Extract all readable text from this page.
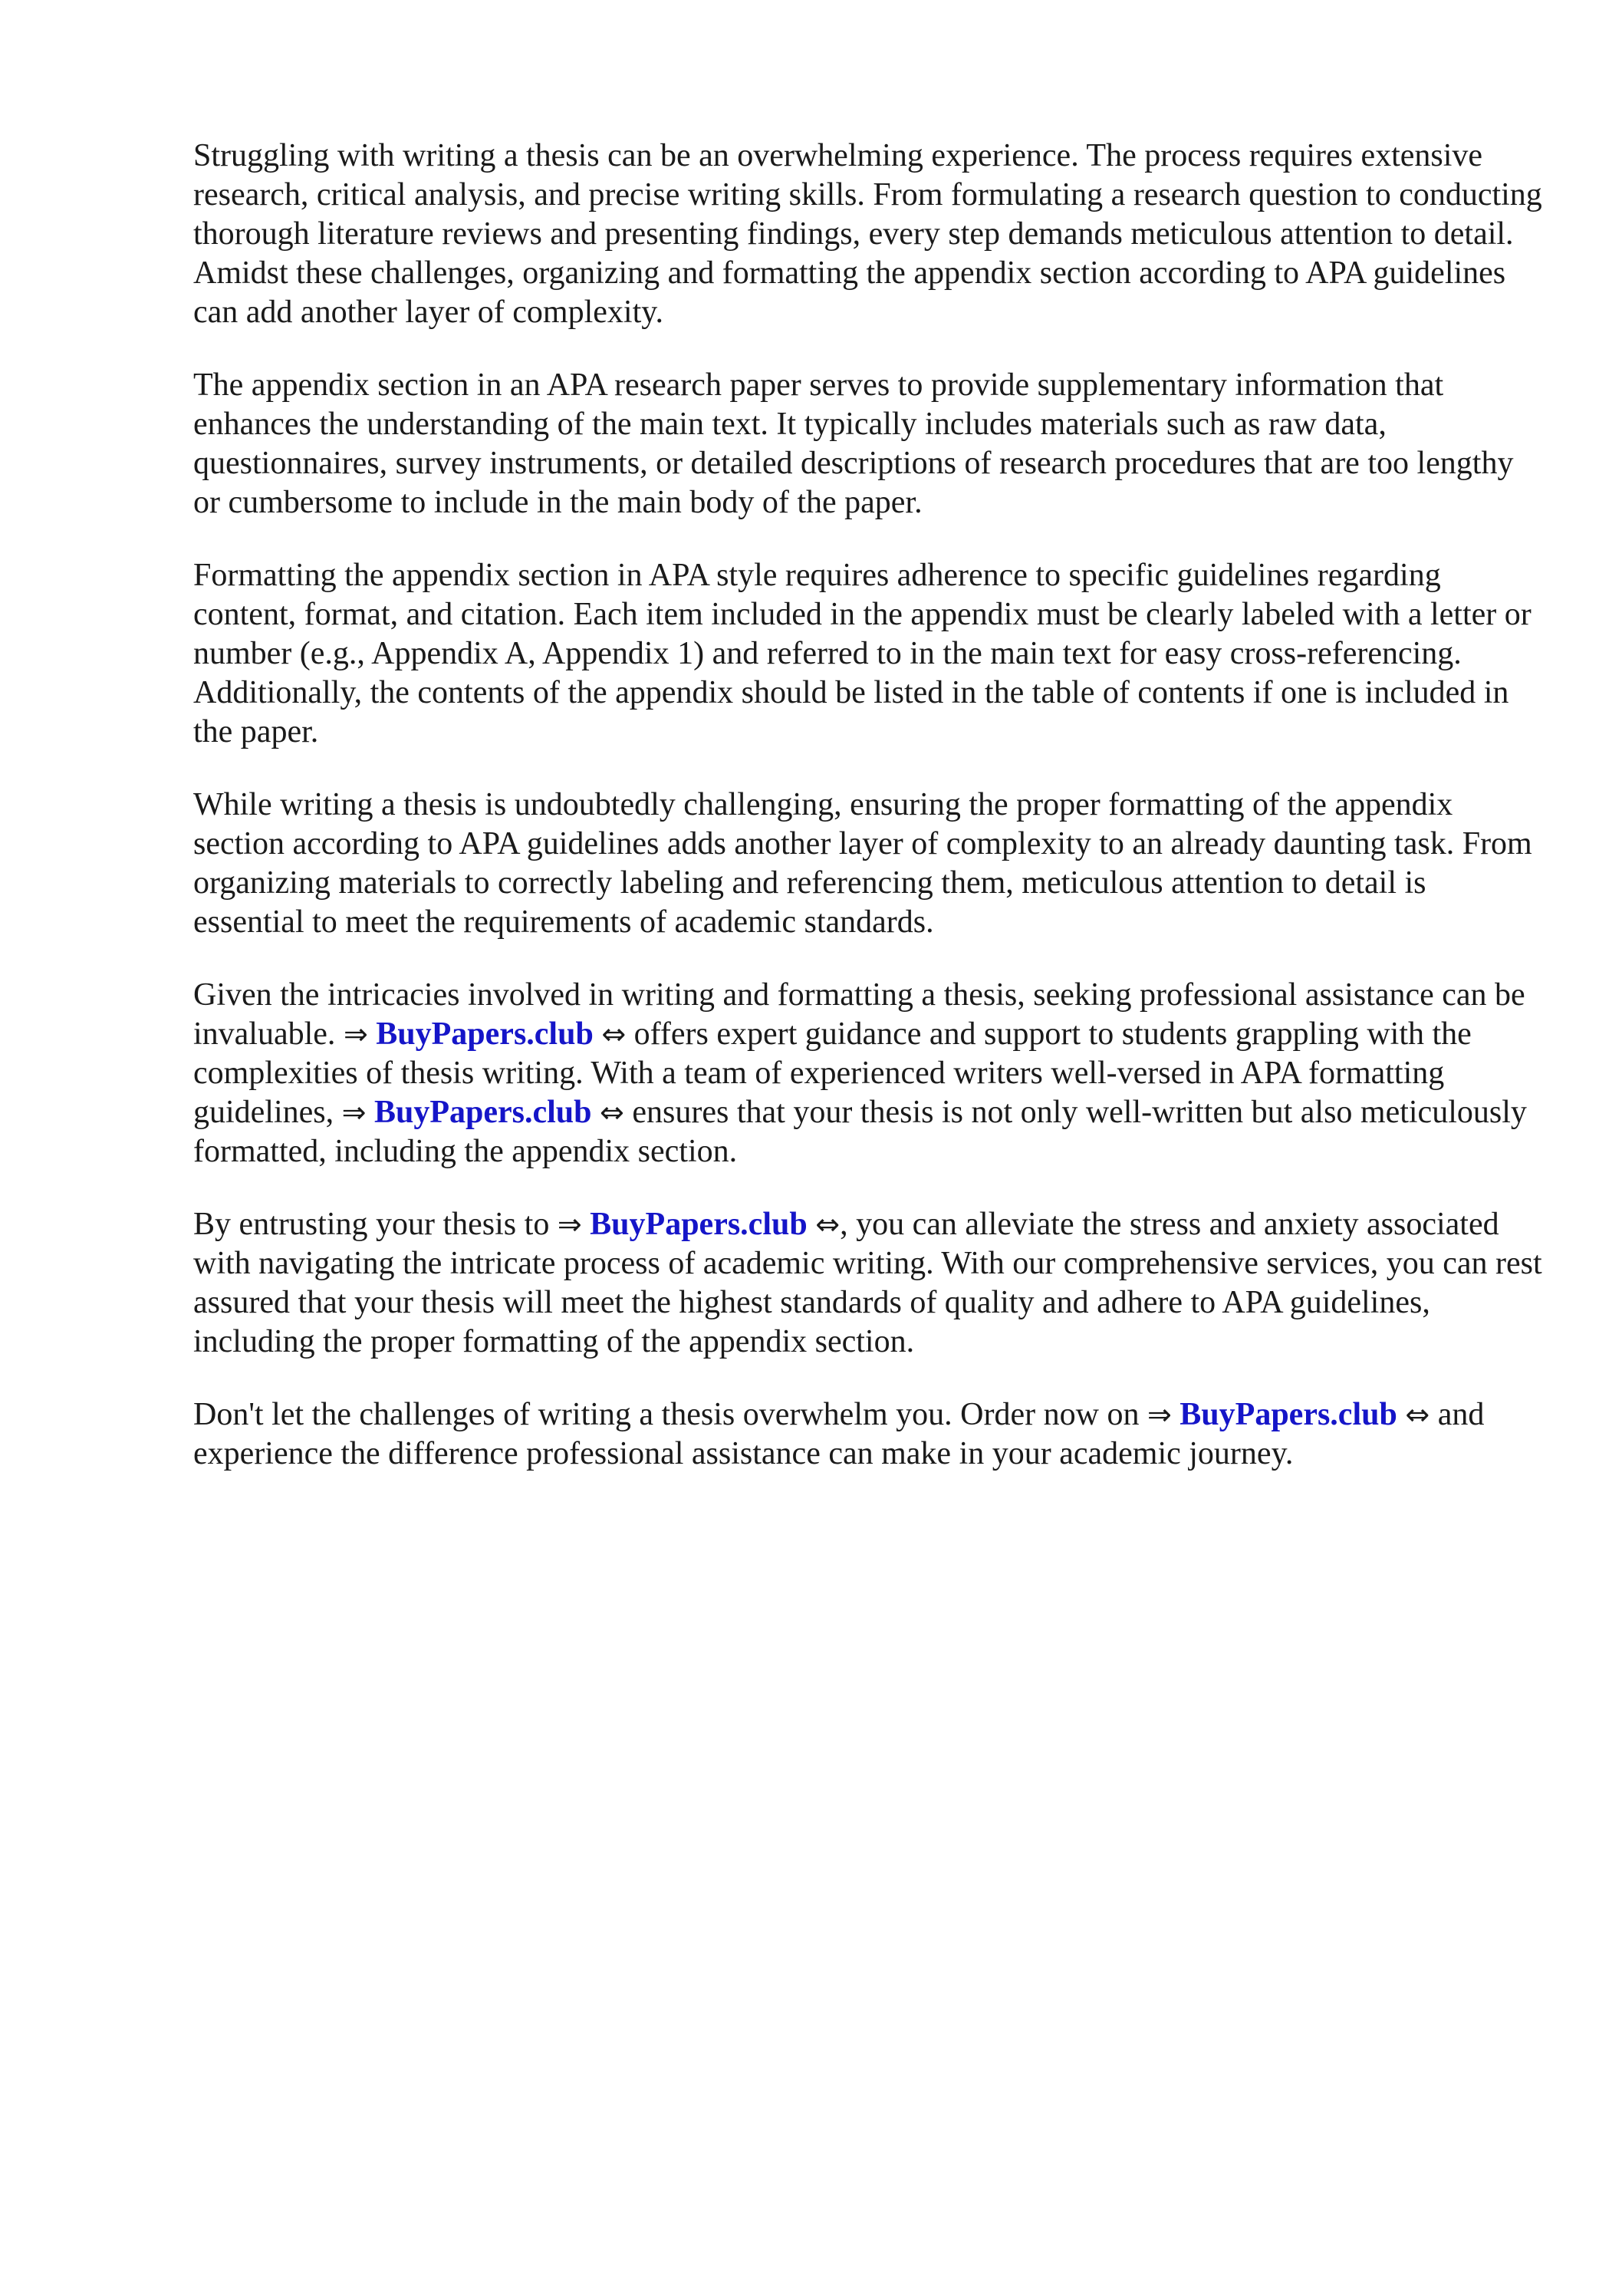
Struggling with writing a thesis can be an overwhelming experience. The process requires extensive research, critical analysis, and precise writing skills. From formulating a research question to conducting thorough literature reviews and presenting findings, every step demands meticulous attention to detail. Amidst these challenges, organizing and formatting the appendix section according to APA guidelines can add another layer of complexity.

The appendix section in an APA research paper serves to provide supplementary information that enhances the understanding of the main text. It typically includes materials such as raw data, questionnaires, survey instruments, or detailed descriptions of research procedures that are too lengthy or cumbersome to include in the main body of the paper.

Formatting the appendix section in APA style requires adherence to specific guidelines regarding content, format, and citation. Each item included in the appendix must be clearly labeled with a letter or number (e.g., Appendix A, Appendix 1) and referred to in the main text for easy cross-referencing. Additionally, the contents of the appendix should be listed in the table of contents if one is included in the paper.

While writing a thesis is undoubtedly challenging, ensuring the proper formatting of the appendix section according to APA guidelines adds another layer of complexity to an already daunting task. From organizing materials to correctly labeling and referencing them, meticulous attention to detail is essential to meet the requirements of academic standards.

Given the intricacies involved in writing and formatting a thesis, seeking professional assistance can be invaluable. ⇒ BuyPapers.club ⇔ offers expert guidance and support to students grappling with the complexities of thesis writing. With a team of experienced writers well-versed in APA formatting guidelines, ⇒ BuyPapers.club ⇔ ensures that your thesis is not only well-written but also meticulously formatted, including the appendix section.

By entrusting your thesis to ⇒ BuyPapers.club ⇔, you can alleviate the stress and anxiety associated with navigating the intricate process of academic writing. With our comprehensive services, you can rest assured that your thesis will meet the highest standards of quality and adhere to APA guidelines, including the proper formatting of the appendix section.

Don't let the challenges of writing a thesis overwhelm you. Order now on ⇒ BuyPapers.club ⇔ and experience the difference professional assistance can make in your academic journey.
